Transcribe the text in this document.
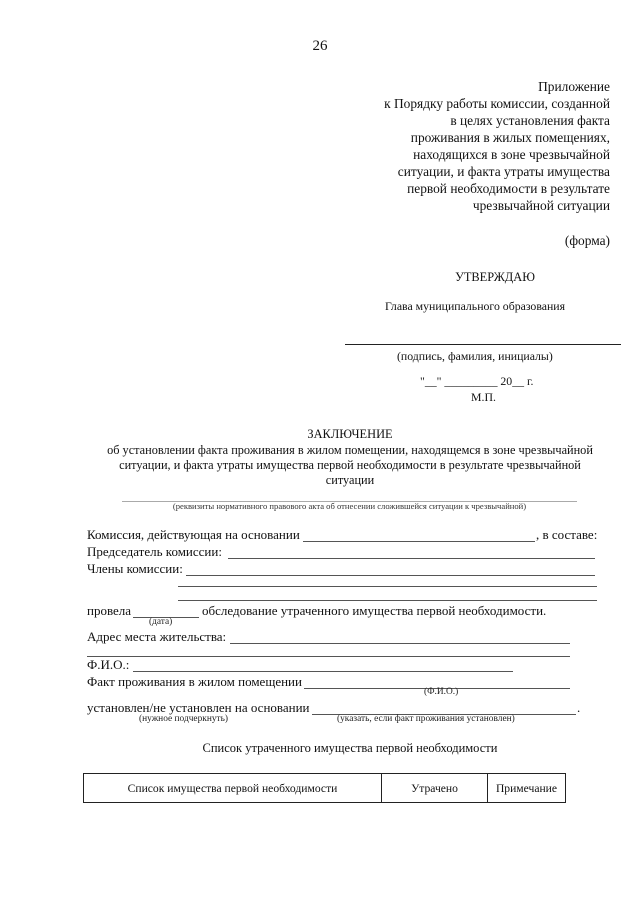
26
Приложение
к Порядку работы комиссии, созданной
в целях установления факта
проживания в жилых помещениях,
находящихся в зоне чрезвычайной
ситуации, и факта утраты имущества
первой необходимости в результате
чрезвычайной ситуации
(форма)
УТВЕРЖДАЮ
Глава муниципального образования
(подпись, фамилия, инициалы)
"__" _________ 20__ г.
М.П.
ЗАКЛЮЧЕНИЕ
об установлении факта проживания в жилом помещении, находящемся в зоне чрезвычайной
ситуации, и факта утраты имущества первой необходимости в результате чрезвычайной
ситуации
(реквизиты нормативного правового акта об отнесении сложившейся ситуации к чрезвычайной)
Комиссия, действующая на основании	, в составе:
Председатель комиссии:
Члены комиссии:
провела	обследование утраченного имущества первой необходимости.
(дата)
Адрес места жительства:
Ф.И.О.:
Факт проживания в жилом помещении
(Ф.И.О.)
установлен/не установлен на основании	.
(нужное подчеркнуть)	(указать, если факт проживания установлен)
Список утраченного имущества первой необходимости
Список имущества первой необходимости	Утрачено	Примечание
